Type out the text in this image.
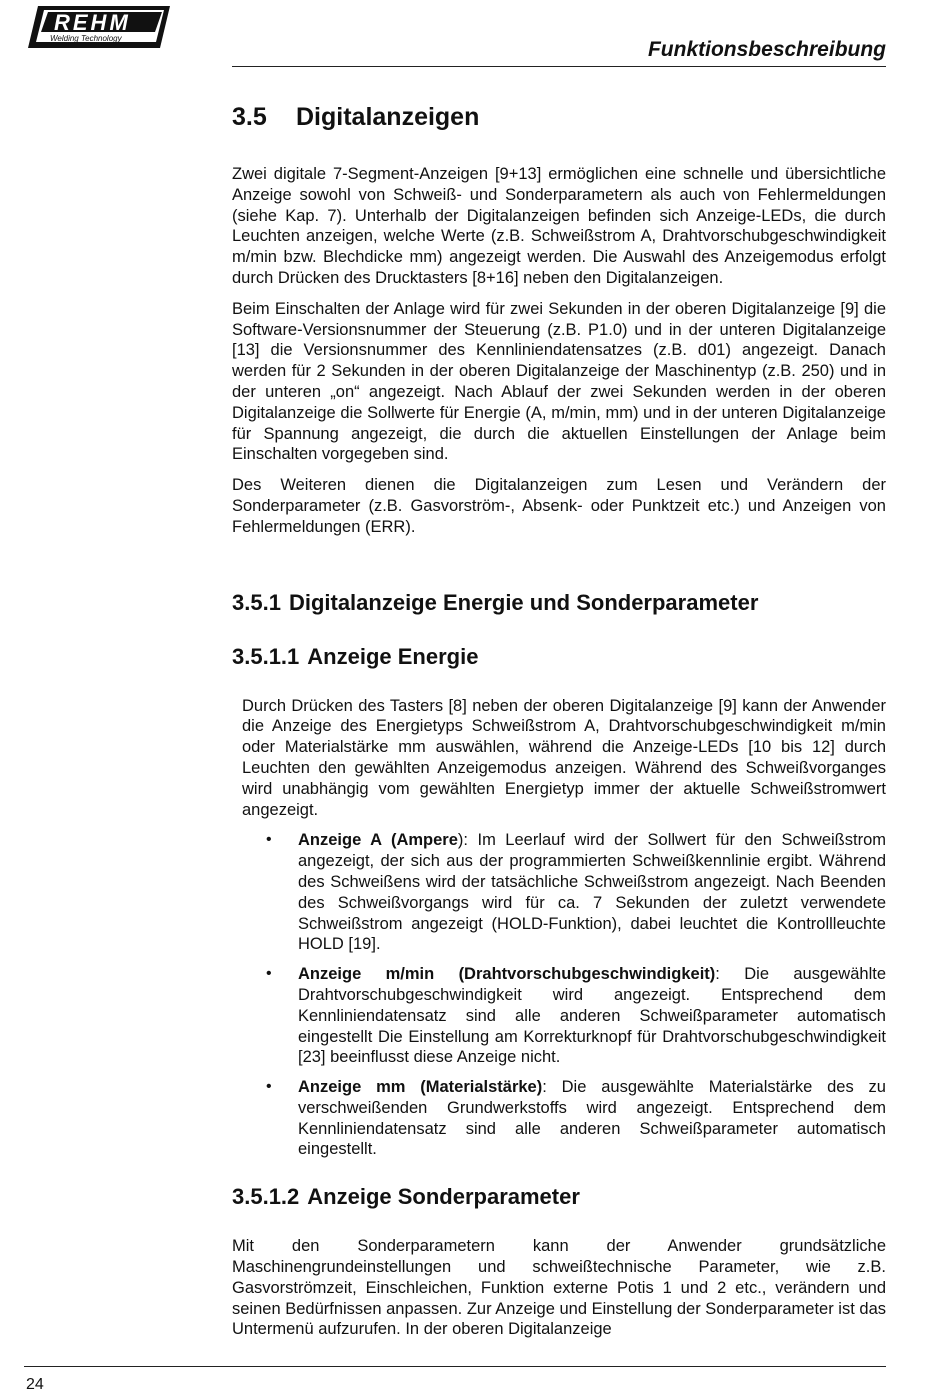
REHM
Welding Technology
®
Funktionsbeschreibung
3.5 Digitalanzeigen

Zwei digitale 7-Segment-Anzeigen [9+13] ermöglichen eine schnelle und übersichtliche Anzeige sowohl von Schweiß- und Sonderparametern als auch von Fehlermeldungen (siehe Kap. 7). Unterhalb der Digitalanzeigen befinden sich Anzeige-LEDs, die durch Leuchten anzeigen, welche Werte (z.B. Schweißstrom A, Drahtvorschubgeschwindigkeit m/min bzw. Blechdicke mm) angezeigt werden. Die Auswahl des Anzeigemodus erfolgt durch Drücken des Drucktasters [8+16] neben den Digitalanzeigen.

Beim Einschalten der Anlage wird für zwei Sekunden in der oberen Digitalanzeige [9] die Software-Versionsnummer der Steuerung (z.B. P1.0) und in der unteren Digitalanzeige [13] die Versionsnummer des Kennliniendatensatzes (z.B. d01) angezeigt. Danach werden für 2 Sekunden in der oberen Digitalanzeige der Maschinentyp (z.B. 250) und in der unteren „on“ angezeigt. Nach Ablauf der zwei Sekunden werden in der oberen Digitalanzeige die Sollwerte für Energie (A, m/min, mm) und in der unteren Digitalanzeige für Spannung angezeigt, die durch die aktuellen Einstellungen der Anlage beim Einschalten vorgegeben sind.

Des Weiteren dienen die Digitalanzeigen zum Lesen und Verändern der Sonderparameter (z.B. Gasvorström-, Absenk- oder Punktzeit etc.) und Anzeigen von Fehlermeldungen (ERR).

3.5.1 Digitalanzeige Energie und Sonderparameter
3.5.1.1 Anzeige Energie

Durch Drücken des Tasters [8] neben der oberen Digitalanzeige [9] kann der Anwender die Anzeige des Energietyps Schweißstrom A, Drahtvorschubgeschwindigkeit m/min oder Materialstärke mm auswählen, während die Anzeige-LEDs [10 bis 12] durch Leuchten den gewählten Anzeigemodus anzeigen. Während des Schweißvorganges wird unabhängig vom gewählten Energietyp immer der aktuelle Schweißstromwert angezeigt.

• Anzeige A (Ampere): Im Leerlauf wird der Sollwert für den Schweißstrom angezeigt, der sich aus der programmierten Schweißkennlinie ergibt. Während des Schweißens wird der tatsächliche Schweißstrom angezeigt. Nach Beenden des Schweißvorgangs wird für ca. 7 Sekunden der zuletzt verwendete Schweißstrom angezeigt (HOLD-Funktion), dabei leuchtet die Kontrollleuchte HOLD [19].
• Anzeige m/min (Drahtvorschubgeschwindigkeit): Die ausgewählte Drahtvorschubgeschwindigkeit wird angezeigt. Entsprechend dem Kennliniendatensatz sind alle anderen Schweißparameter automatisch eingestellt Die Einstellung am Korrekturknopf für Drahtvorschubgeschwindigkeit [23] beeinflusst diese Anzeige nicht.
• Anzeige mm (Materialstärke): Die ausgewählte Materialstärke des zu verschweißenden Grundwerkstoffs wird angezeigt. Entsprechend dem Kennliniendatensatz sind alle anderen Schweißparameter automatisch eingestellt.
3.5.1.2 Anzeige Sonderparameter

Mit den Sonderparametern kann der Anwender grundsätzliche Maschinengrundeinstellungen und schweißtechnische Parameter, wie z.B. Gasvorströmzeit, Einschleichen, Funktion externe Potis 1 und 2 etc., verändern und seinen Bedürfnissen anpassen. Zur Anzeige und Einstellung der Sonderparameter ist das Untermenü aufzurufen. In der oberen Digitalanzeige

24
